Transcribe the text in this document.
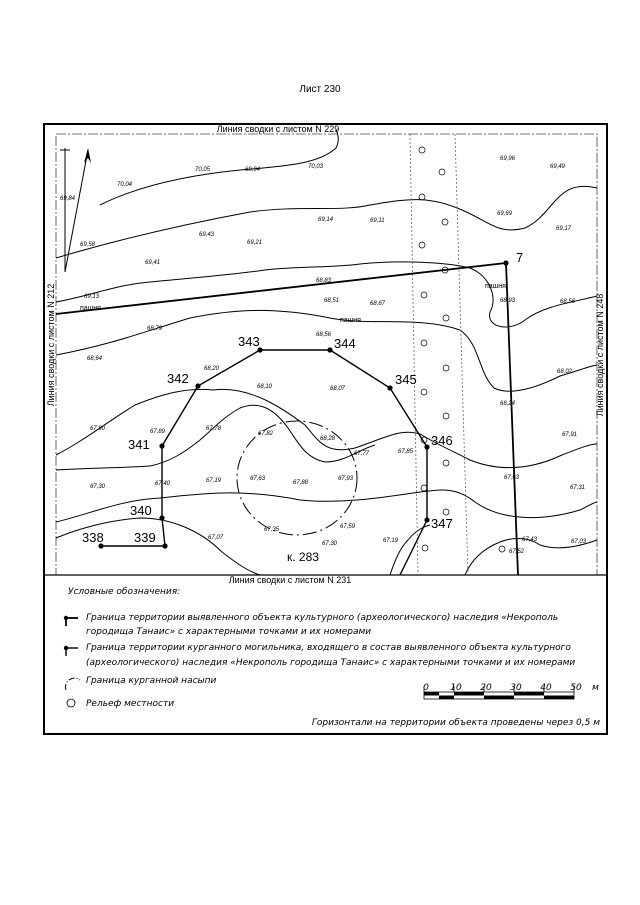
Лист 230
Линия сводки с листом N 229
Линия сводки с листом N 231
Линия сводки с листом N 212	Линия сводки с листом N 248
к. 283
7
338 339
340
341
342
343	344
345
346
347
пашня
пашня
пашня
70,04
70,05	69,94	70,03
69,84
69,58
69,43
69,41
69,21
69,14	69,11
69,13
68,79
68,83
68,51	68,67
68,64
68,56
68,20
68,10	68,07
67,90	67,89	67,78
67,82
68,28
67,77	67,85
67,30	67,40	67,19	67,63
67,88
67,93
67,07
67,35	67,59
67,30	67,19
69,96
69,49
69,69
69,17
68,93	68,56
68,02
68,24
67,91
67,63
67,31
67,43	67,03
67,52
Условные обозначения:
Граница территории выявленного объекта культурного (археологического) наследия «Некрополь
городища Танаис» с характерными точками и их номерами
Граница территории курганного могильника, входящего в состав выявленного объекта культурного
(археологического) наследия «Некрополь городища Танаис» с характерными точками и их номерами
Граница курганной насыпи
Рельеф местности
0 10 20 30 40 50 м
Горизонтали на территории объекта проведены через 0,5 м
